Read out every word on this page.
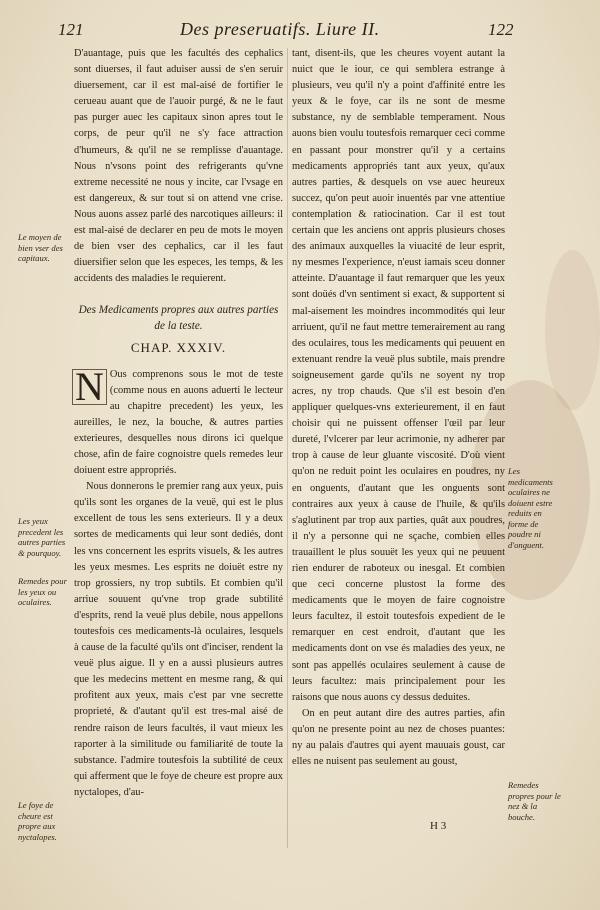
121	Des preseruatifs. Liure II.	122

D'auantage, puis que les facultés des cephalics sont diuerses, il faut aduiser aussi de s'en seruir diuersement, car il est mal-aisé de fortifier le cerueau auant que de l'auoir purgé, & ne le faut pas purger auec les capitaux sinon apres tout le corps, de peur qu'il ne s'y face attraction d'humeurs, & qu'il ne se remplisse d'auantage. Nous n'vsons point des refrigerants qu'vne extreme necessité ne nous y incite, car l'vsage en est dangereux, & sur tout si on attend vne crise. Nous auons assez parlé des narcotiques ailleurs: il est mal-aisé de declarer en peu de mots le moyen de bien vser des cephalics, car il les faut diuersifier selon que les especes, les temps, & les accidents des maladies le requierent.

Des Medicaments propres aux autres parties de la teste.

CHAP. XXXIV.

N Ous comprenons sous le mot de teste (comme nous en auons aduerti le lecteur au chapitre precedent) les yeux, les aureilles, le nez, la bouche, & autres parties exterieures, desquelles nous dirons ici quelque chose, afin de faire cognoistre quels remedes leur doiuent estre appropriés.

Nous donnerons le premier rang aux yeux, puis qu'ils sont les organes de la veuë, qui est le plus excellent de tous les sens exterieurs. Il y a deux sortes de medicaments qui leur sont dediés, dont les vns concernent les esprits visuels, & les autres les yeux mesmes. Les esprits ne doiuët estre ny trop grossiers, ny trop subtils. Et combien qu'il arriue souuent qu'vne trop grade subtilité d'esprits, rend la veuë plus debile, nous appellons toutesfois ces medicaments-là oculaires, lesquels à cause de la faculté qu'ils ont d'inciser, rendent la veuë plus aigue. Il y en a aussi plusieurs autres que les medecins mettent en mesme rang, & qui profitent aux yeux, mais c'est par vne secrette proprieté, & d'autant qu'il est tres-mal aisé de rendre raison de leurs facultés, il vaut mieux les raporter à la similitude ou familiarité de toute la substance. I'admire toutesfois la subtilité de ceux qui afferment que le foye de cheure est propre aux nyctalopes, d'au-

tant, disent-ils, que les cheures voyent autant la nuict que le iour, ce qui semblera estrange à plusieurs, veu qu'il n'y a point d'affinité entre les yeux & le foye, car ils ne sont de mesme substance, ny de semblable temperament. Nous auons bien voulu toutesfois remarquer ceci comme en passant pour monstrer qu'il y a certains medicaments appropriés tant aux yeux, qu'aux autres parties, & desquels on vse auec heureux succez, qu'on peut auoir inuentés par vne attentiue contemplation & ratiocination. Car il est tout certain que les anciens ont appris plusieurs choses des animaux auxquelles la viuacité de leur esprit, ny mesmes l'experience, n'eust iamais sceu donner atteinte. D'auantage il faut remarquer que les yeux sont doüés d'vn sentiment si exact, & supportent si mal-aisement les moindres incommodités qui leur arriuent, qu'il ne faut mettre temerairement au rang des oculaires, tous les medicaments qui peuuent en extenuant rendre la veuë plus subtile, mais prendre soigneusement garde qu'ils ne soyent ny trop acres, ny trop chauds. Que s'il est besoin d'en appliquer quelques-vns exterieurement, il en faut choisir qui ne puissent offenser l'œil par leur dureté, l'vlcerer par leur acrimonie, ny adherer par trop à cause de leur gluante viscosité. D'où vient qu'on ne reduit point les oculaires en poudres, ny en onguents, d'autant que les onguents sont contraires aux yeux à cause de l'huile, & qu'ils s'aglutinent par trop aux parties, quât aux poudres, il n'y a personne qui ne sçache, combien elles trauaillent le plus souuët les yeux qui ne peuuent rien endurer de raboteux ou inesgal. Et combien que ceci concerne plustost la forme des medicaments que le moyen de faire cognoistre leurs facultez, il estoit toutesfois expedient de le remarquer en cest endroit, d'autant que les medicaments dont on vse és maladies des yeux, ne sont pas appellés oculaires seulement à cause de leurs facultez: mais principalement pour les raisons que nous auons cy dessus deduites.

On en peut autant dire des autres parties, afin qu'on ne presente point au nez de choses puantes: ny au palais d'autres qui ayent mauuais goust, car elles ne nuisent pas seulement au goust,

Le moyen de bien vser des capitaux.
Les yeux precedent les autres parties & pourquoy.
Remedes pour les yeux ou oculaires.
Le foye de cheure est propre aux nyctalopes.
Les medicaments oculaires ne doiuent estre reduits en forme de poudre ni d'onguent.
Remedes propres pour le nez & la bouche.
H 3
